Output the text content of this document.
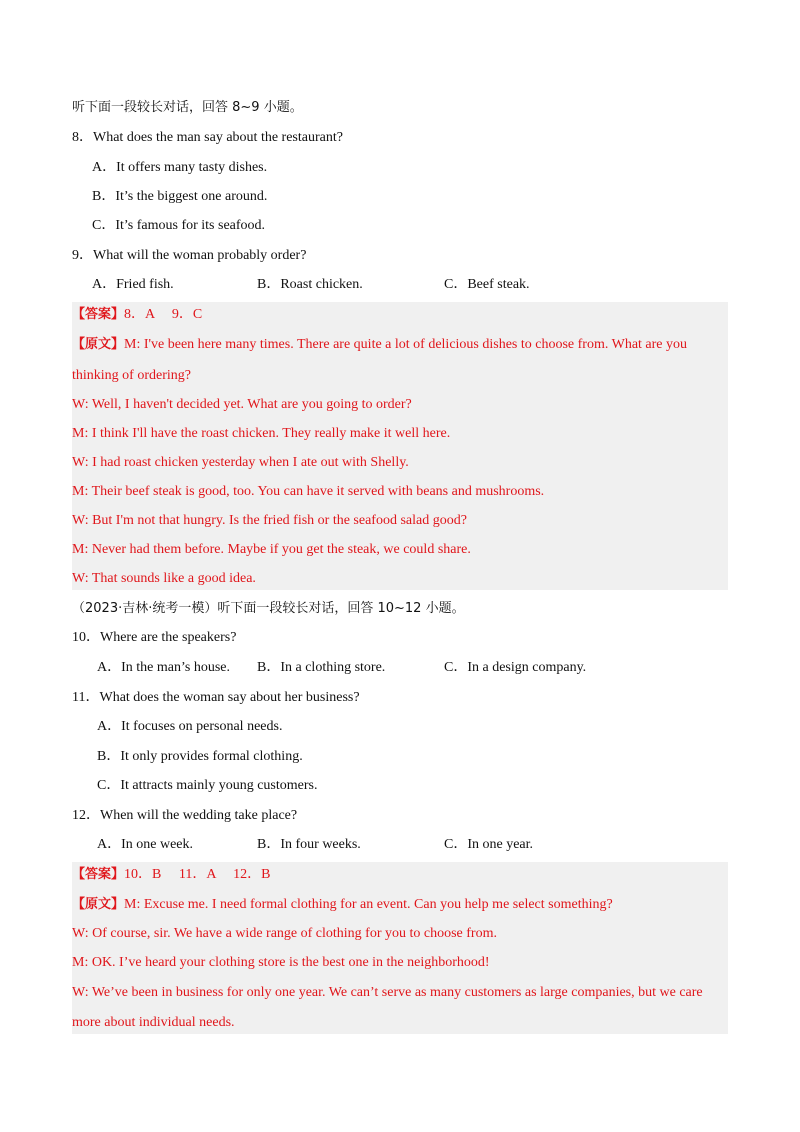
听下面一段较长对话，回答 8~9 小题。
8．What does the man say about the restaurant?
A．It offers many tasty dishes.
B．It’s the biggest one around.
C．It’s famous for its seafood.
9．What will the woman probably order?
A．Fried fish.	B．Roast chicken.	C．Beef steak.
【答案】8．A　 9．C
【原文】M: I've been here many times. There are quite a lot of delicious dishes to choose from. What are you
thinking of ordering?
W: Well, I haven't decided yet. What are you going to order?
M: I think I'll have the roast chicken. They really make it well here.
W: I had roast chicken yesterday when I ate out with Shelly.
M: Their beef steak is good, too. You can have it served with beans and mushrooms.
W: But I'm not that hungry. Is the fried fish or the seafood salad good?
M: Never had them before. Maybe if you get the steak, we could share.
W: That sounds like a good idea.
（2023·吉林·统考一模）听下面一段较长对话，回答 10~12 小题。
10．Where are the speakers?
A．In the man’s house. B．In a clothing store.	C．In a design company.
11．What does the woman say about her business?
A．It focuses on personal needs.
B．It only provides formal clothing.
C．It attracts mainly young customers.
12．When will the wedding take place?
A．In one week.	B．In four weeks.	C．In one year.
【答案】10．B　 11．A　 12．B
【原文】M: Excuse me. I need formal clothing for an event. Can you help me select something?
W: Of course, sir. We have a wide range of clothing for you to choose from.
M: OK. I’ve heard your clothing store is the best one in the neighborhood!
W: We’ve been in business for only one year. We can’t serve as many customers as large companies, but we care
more about individual needs.
